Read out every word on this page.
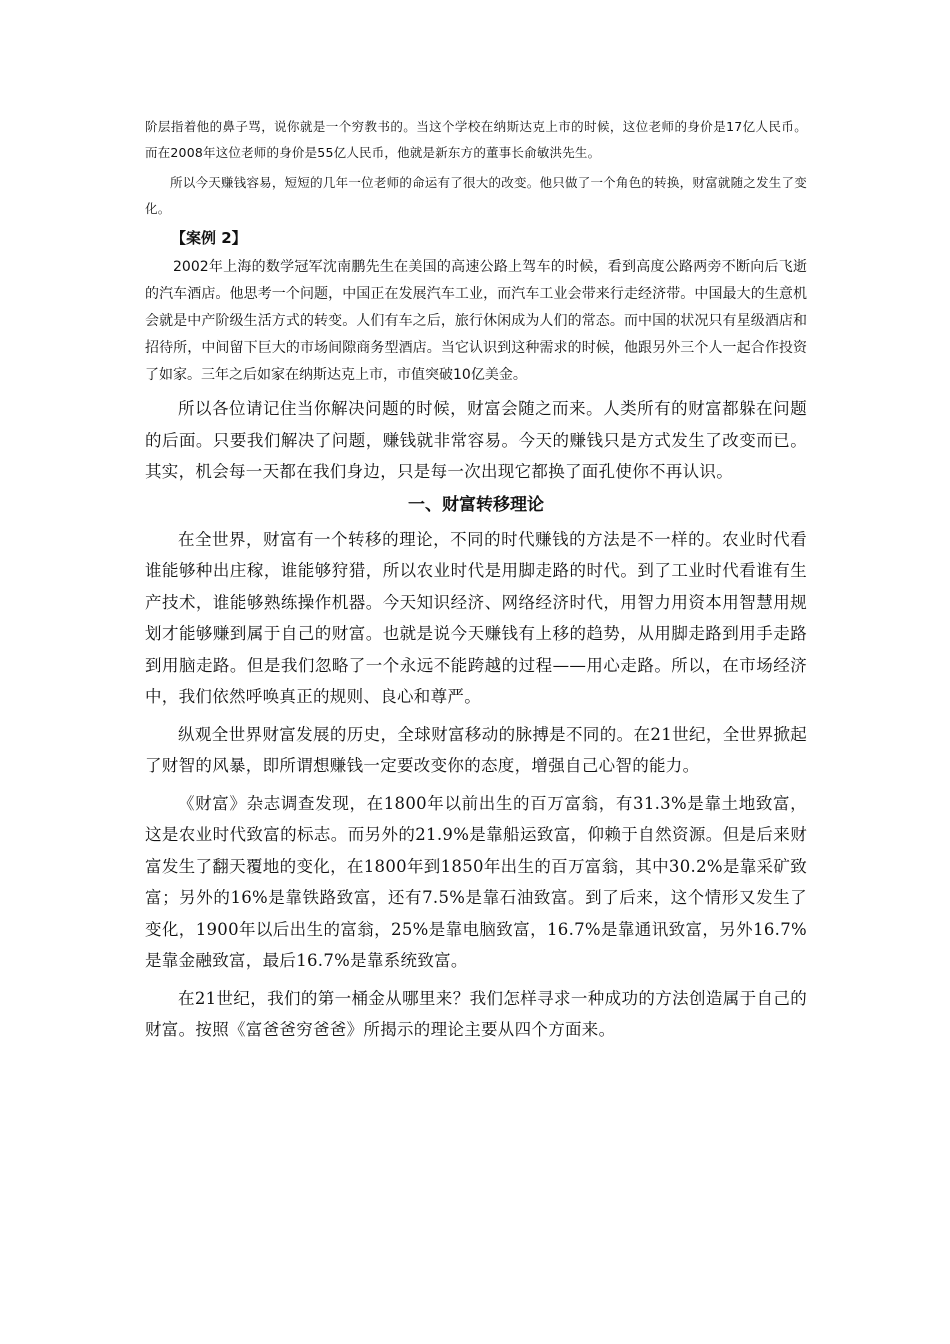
阶层指着他的鼻子骂，说你就是一个穷教书的。当这个学校在纳斯达克上市的时候，这位老师的身价是17亿人民币。而在2008年这位老师的身价是55亿人民币，他就是新东方的董事长俞敏洪先生。

所以今天赚钱容易，短短的几年一位老师的命运有了很大的改变。他只做了一个角色的转换，财富就随之发生了变化。

【案例 2】

2002年上海的数学冠军沈南鹏先生在美国的高速公路上驾车的时候，看到高度公路两旁不断向后飞逝的汽车酒店。他思考一个问题，中国正在发展汽车工业，而汽车工业会带来行走经济带。中国最大的生意机会就是中产阶级生活方式的转变。人们有车之后，旅行休闲成为人们的常态。而中国的状况只有星级酒店和招待所，中间留下巨大的市场间隙商务型酒店。当它认识到这种需求的时候，他跟另外三个人一起合作投资了如家。三年之后如家在纳斯达克上市，市值突破10亿美金。

所以各位请记住当你解决问题的时候，财富会随之而来。人类所有的财富都躲在问题的后面。只要我们解决了问题，赚钱就非常容易。今天的赚钱只是方式发生了改变而已。其实，机会每一天都在我们身边，只是每一次出现它都换了面孔使你不再认识。

一、财富转移理论

在全世界，财富有一个转移的理论，不同的时代赚钱的方法是不一样的。农业时代看谁能够种出庄稼，谁能够狩猎，所以农业时代是用脚走路的时代。到了工业时代看谁有生产技术，谁能够熟练操作机器。今天知识经济、网络经济时代，用智力用资本用智慧用规划才能够赚到属于自己的财富。也就是说今天赚钱有上移的趋势，从用脚走路到用手走路到用脑走路。但是我们忽略了一个永远不能跨越的过程——用心走路。所以，在市场经济中，我们依然呼唤真正的规则、良心和尊严。

纵观全世界财富发展的历史，全球财富移动的脉搏是不同的。在21世纪，全世界掀起了财智的风暴，即所谓想赚钱一定要改变你的态度，增强自己心智的能力。

《财富》杂志调查发现，在1800年以前出生的百万富翁，有31.3%是靠土地致富，这是农业时代致富的标志。而另外的21.9%是靠船运致富，仰赖于自然资源。但是后来财富发生了翻天覆地的变化，在1800年到1850年出生的百万富翁，其中30.2%是靠采矿致富；另外的16%是靠铁路致富，还有7.5%是靠石油致富。到了后来，这个情形又发生了变化，1900年以后出生的富翁，25%是靠电脑致富，16.7%是靠通讯致富，另外16.7%是靠金融致富，最后16.7%是靠系统致富。

在21世纪，我们的第一桶金从哪里来？我们怎样寻求一种成功的方法创造属于自己的财富。按照《富爸爸穷爸爸》所揭示的理论主要从四个方面来。
